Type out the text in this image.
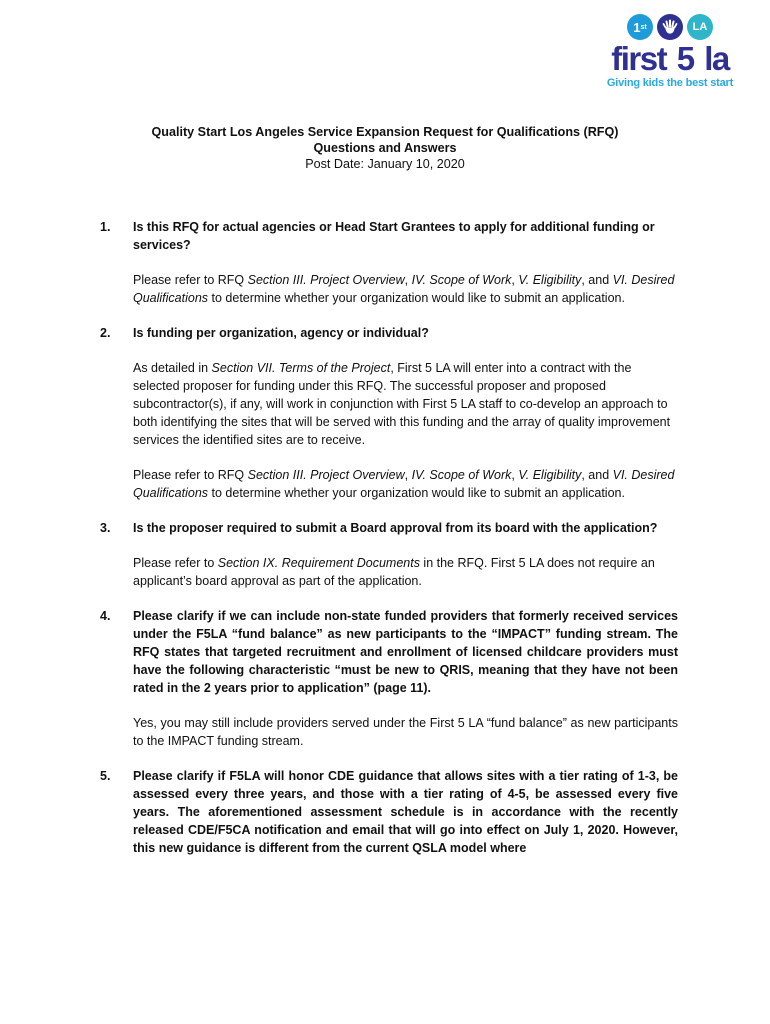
1 st	LA
first 5 la
Giving kids the best start
Quality Start Los Angeles Service Expansion Request for Qualifications (RFQ)
Questions and Answers
Post Date: January 10, 2020
1.	Is this RFQ for actual agencies or Head Start Grantees to apply for additional funding or services?

Please refer to RFQ Section III. Project Overview, IV. Scope of Work, V. Eligibility, and VI. Desired Qualifications to determine whether your organization would like to submit an application.

2.	Is funding per organization, agency or individual?

As detailed in Section VII. Terms of the Project, First 5 LA will enter into a contract with the selected proposer for funding under this RFQ. The successful proposer and proposed subcontractor(s), if any, will work in conjunction with First 5 LA staff to co-develop an approach to both identifying the sites that will be served with this funding and the array of quality improvement services the identified sites are to receive.

Please refer to RFQ Section III. Project Overview, IV. Scope of Work, V. Eligibility, and VI. Desired Qualifications to determine whether your organization would like to submit an application.

3.	Is the proposer required to submit a Board approval from its board with the application?

Please refer to Section IX. Requirement Documents in the RFQ. First 5 LA does not require an applicant’s board approval as part of the application.

4.	Please clarify if we can include non-state funded providers that formerly received services under the F5LA “fund balance” as new participants to the “IMPACT” funding stream. The RFQ states that targeted recruitment and enrollment of licensed childcare providers must have the following characteristic “must be new to QRIS, meaning that they have not been rated in the 2 years prior to application” (page 11).

Yes, you may still include providers served under the First 5 LA “fund balance” as new participants to the IMPACT funding stream.

5.	Please clarify if F5LA will honor CDE guidance that allows sites with a tier rating of 1-3, be assessed every three years, and those with a tier rating of 4-5, be assessed every five years. The aforementioned assessment schedule is in accordance with the recently released CDE/F5CA notification and email that will go into effect on July 1, 2020. However, this new guidance is different from the current QSLA model where
